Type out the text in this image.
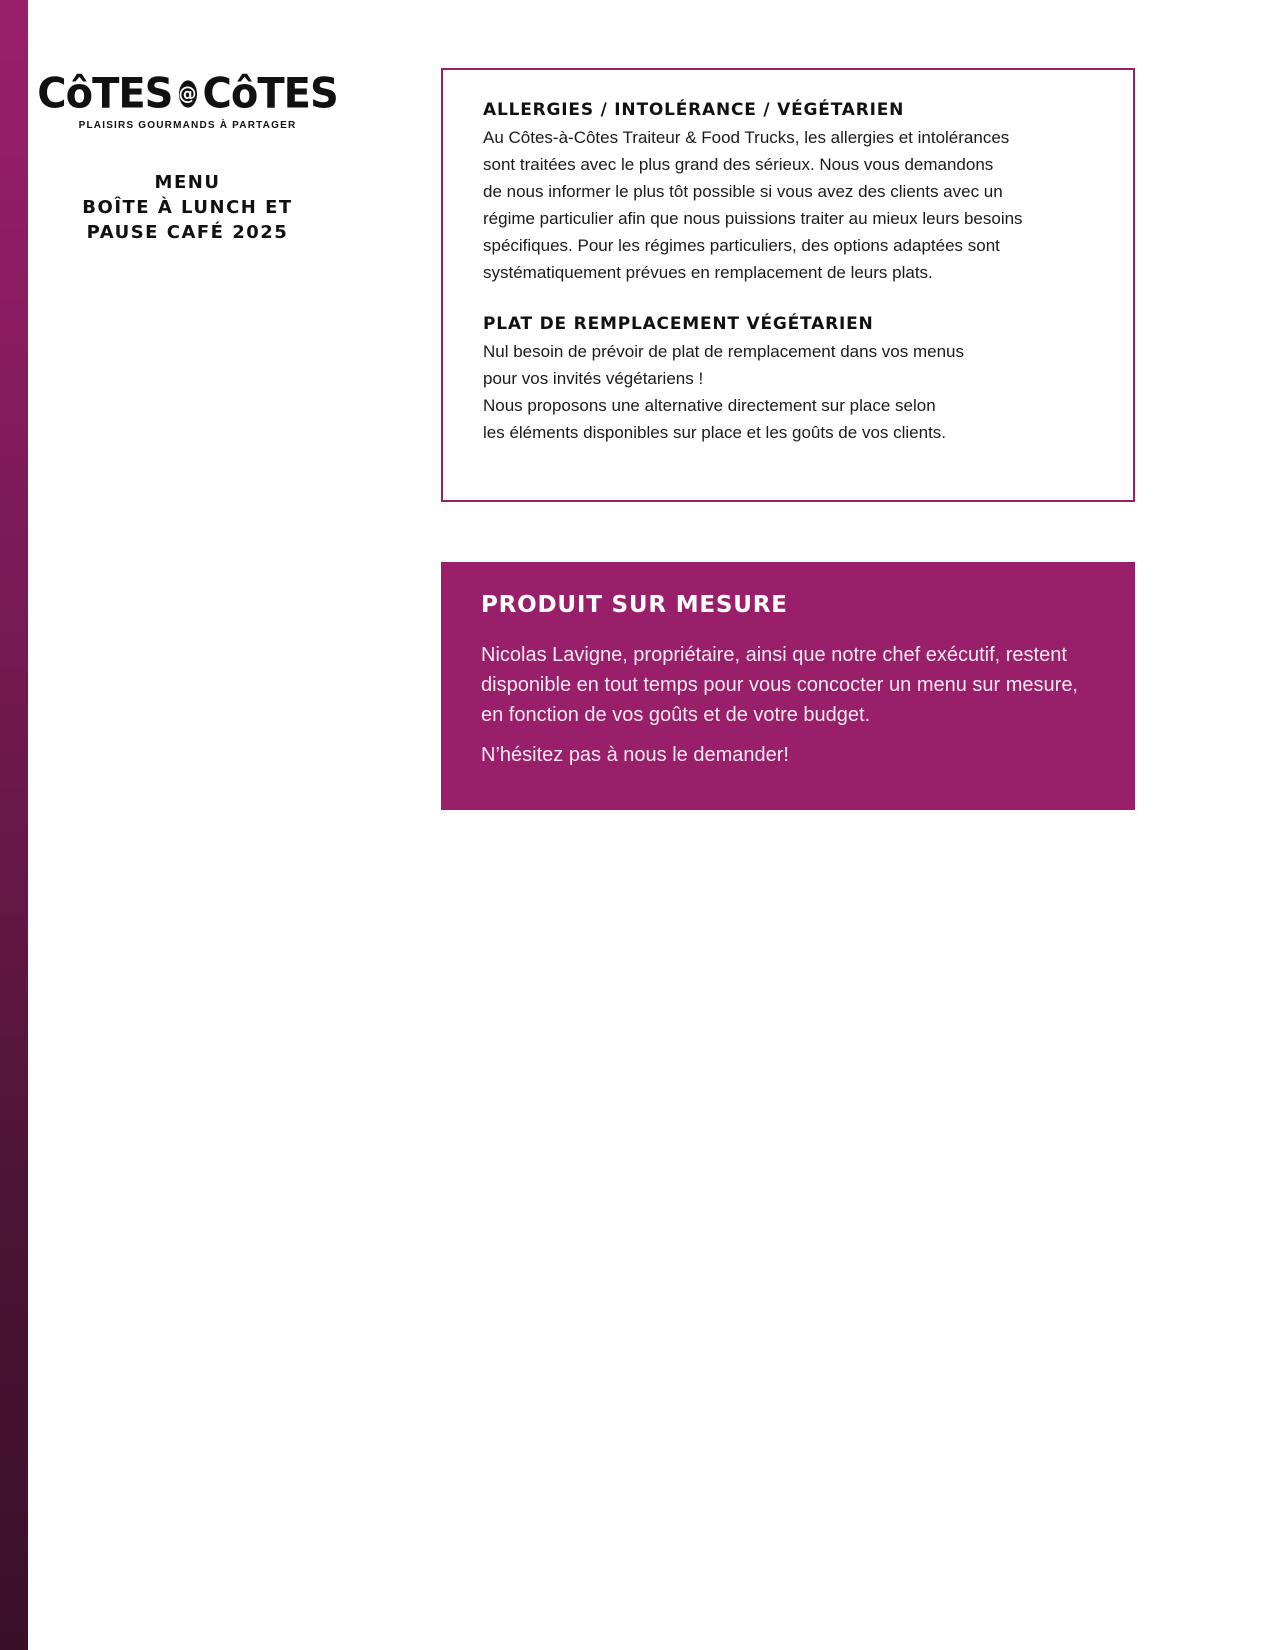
CôTES @ CôTES
PLAISIRS GOURMANDS À PARTAGER
MENU
BOÎTE À LUNCH ET
PAUSE CAFÉ 2025
ALLERGIES / INTOLÉRANCE / VÉGÉTARIEN
Au Côtes-à-Côtes Traiteur & Food Trucks, les allergies et intolérances
sont traitées avec le plus grand des sérieux. Nous vous demandons
de nous informer le plus tôt possible si vous avez des clients avec un
régime particulier afin que nous puissions traiter au mieux leurs besoins
spécifiques. Pour les régimes particuliers, des options adaptées sont
systématiquement prévues en remplacement de leurs plats.
PLAT DE REMPLACEMENT VÉGÉTARIEN
Nul besoin de prévoir de plat de remplacement dans vos menus
pour vos invités végétariens !
Nous proposons une alternative directement sur place selon
les éléments disponibles sur place et les goûts de vos clients.
PRODUIT SUR MESURE
Nicolas Lavigne, propriétaire, ainsi que notre chef exécutif, restent
disponible en tout temps pour vous concocter un menu sur mesure,
en fonction de vos goûts et de votre budget.
N’hésitez pas à nous le demander!
